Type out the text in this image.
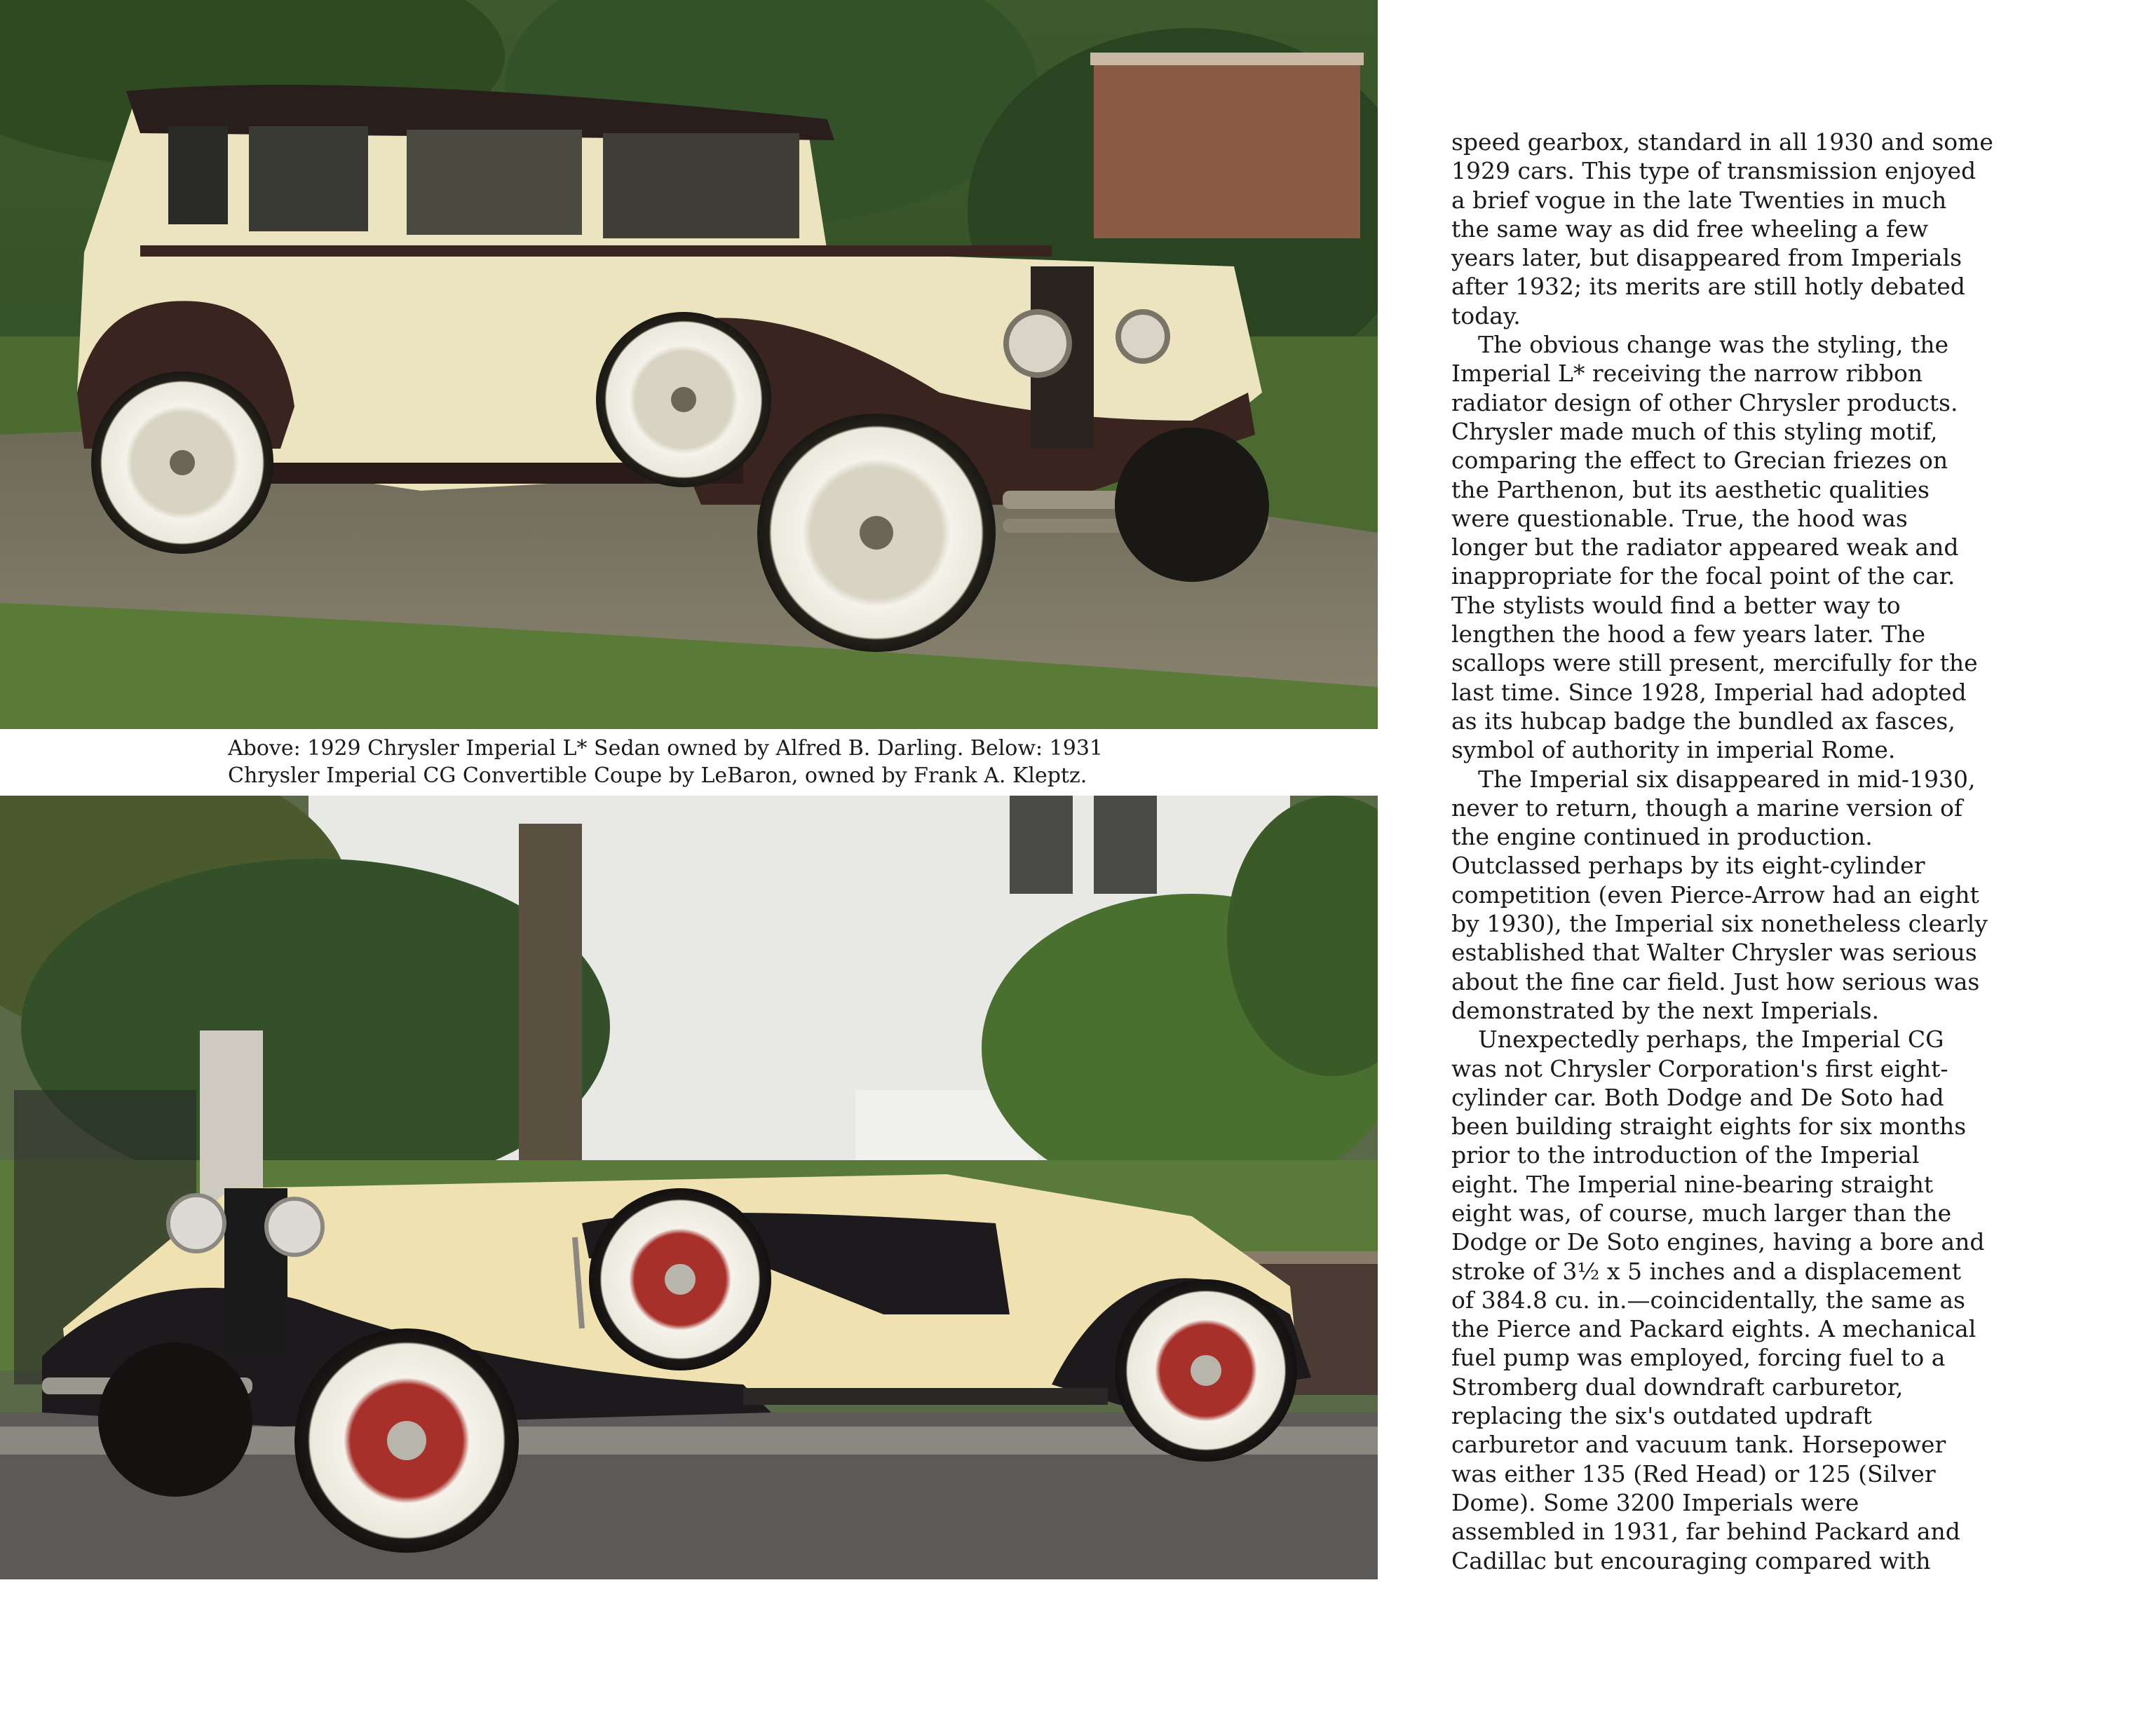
Above: 1929 Chrysler Imperial L* Sedan owned by Alfred B. Darling. Below: 1931
Chrysler Imperial CG Convertible Coupe by LeBaron, owned by Frank A. Kleptz.
speed gearbox, standard in all 1930 and some
1929 cars. This type of transmission enjoyed
a brief vogue in the late Twenties in much
the same way as did free wheeling a few
years later, but disappeared from Imperials
after 1932; its merits are still hotly debated
today.
The obvious change was the styling, the
Imperial L* receiving the narrow ribbon
radiator design of other Chrysler products.
Chrysler made much of this styling motif,
comparing the effect to Grecian friezes on
the Parthenon, but its aesthetic qualities
were questionable. True, the hood was
longer but the radiator appeared weak and
inappropriate for the focal point of the car.
The stylists would find a better way to
lengthen the hood a few years later. The
scallops were still present, mercifully for the
last time. Since 1928, Imperial had adopted
as its hubcap badge the bundled ax fasces,
symbol of authority in imperial Rome.
The Imperial six disappeared in mid-1930,
never to return, though a marine version of
the engine continued in production.
Outclassed perhaps by its eight-cylinder
competition (even Pierce-Arrow had an eight
by 1930), the Imperial six nonetheless clearly
established that Walter Chrysler was serious
about the fine car field. Just how serious was
demonstrated by the next Imperials.
Unexpectedly perhaps, the Imperial CG
was not Chrysler Corporation's first eight-
cylinder car. Both Dodge and De Soto had
been building straight eights for six months
prior to the introduction of the Imperial
eight. The Imperial nine-bearing straight
eight was, of course, much larger than the
Dodge or De Soto engines, having a bore and
stroke of 3½ x 5 inches and a displacement
of 384.8 cu. in.—coincidentally, the same as
the Pierce and Packard eights. A mechanical
fuel pump was employed, forcing fuel to a
Stromberg dual downdraft carburetor,
replacing the six's outdated updraft
carburetor and vacuum tank. Horsepower
was either 135 (Red Head) or 125 (Silver
Dome). Some 3200 Imperials were
assembled in 1931, far behind Packard and
Cadillac but encouraging compared with
